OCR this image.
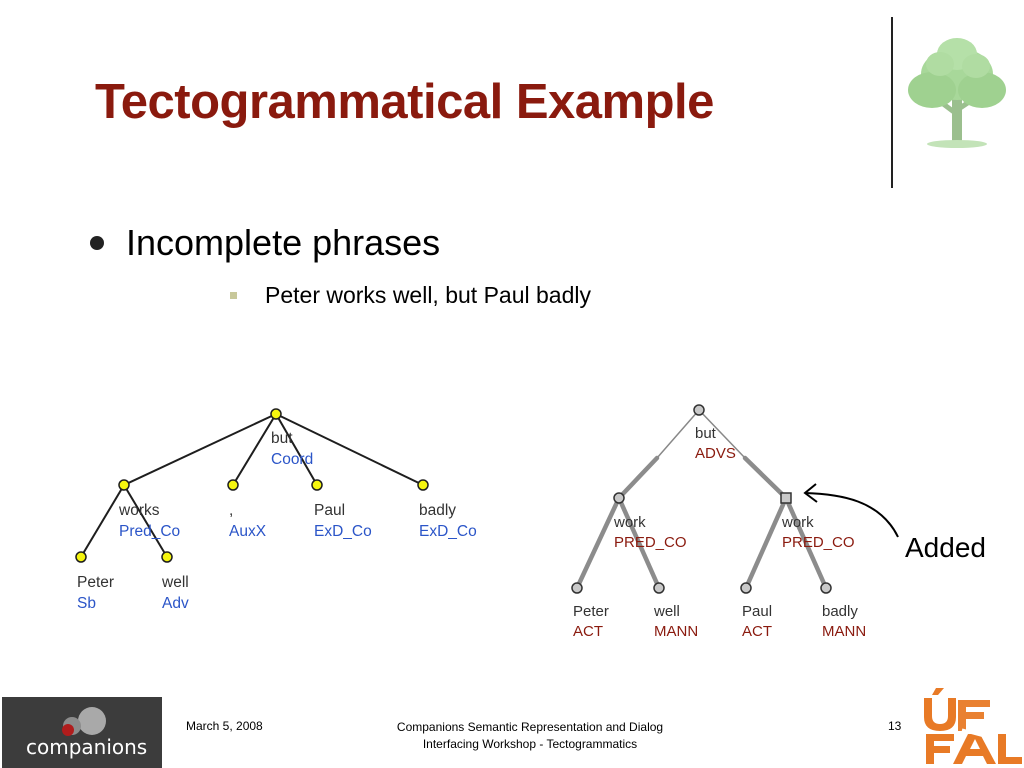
Tectogrammatical Example
Incomplete phrases
Peter works well, but Paul badly
but
Coord
works
Pred_Co
,
AuxX
Paul
ExD_Co
badly
ExD_Co
Peter
Sb
well
Adv
but
ADVS
work
PRED_CO
work
PRED_CO
Peter
ACT
well
MANN
Paul
ACT
badly
MANN
Added
companions
March 5, 2008	Companions Semantic Representation and Dialog
Interfacing Workshop - Tectogrammatics
13
